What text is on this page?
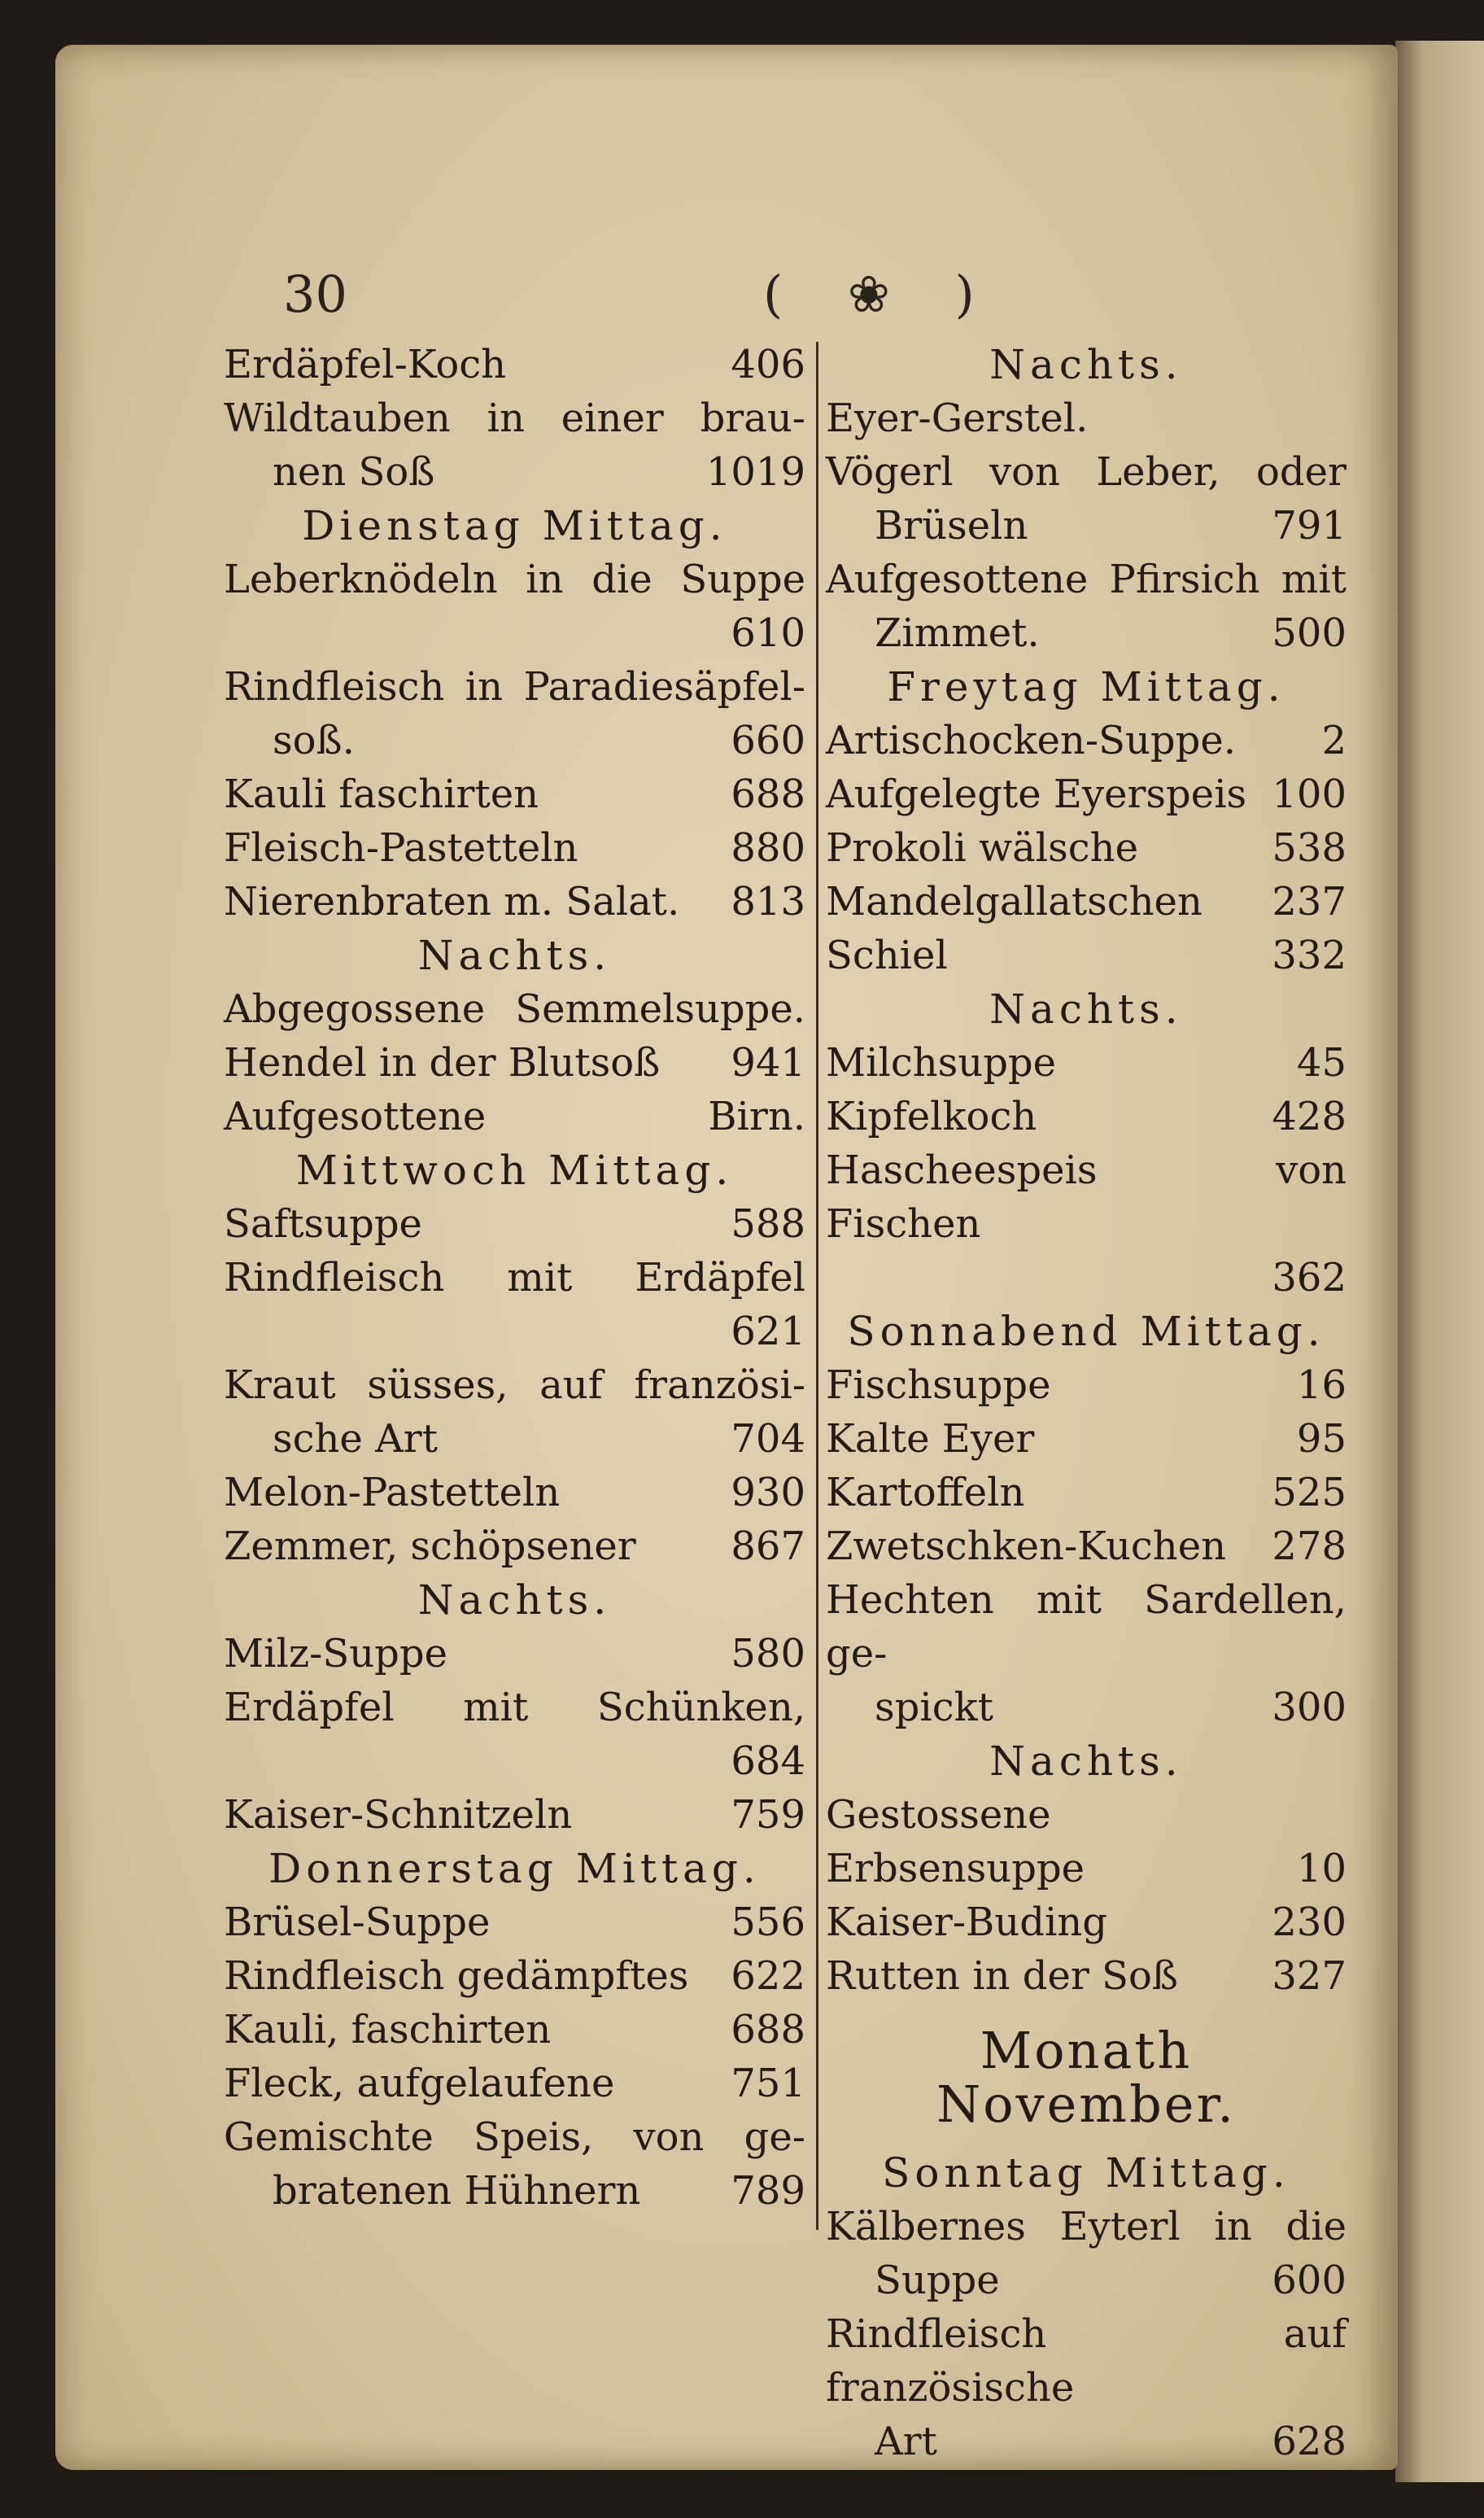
30	( ❀ )
Erdäpfel-Koch	406
Wildtauben in einer brau-
nen Soß	1019
Dienstag Mittag.
Leberknödeln in die Suppe
610
Rindfleisch in Paradiesäpfel-
soß.	660
Kauli faschirten	688
Fleisch-Pastetteln	880
Nierenbraten m. Salat.	813
Nachts.
Abgegossene Semmelsuppe.
Hendel in der Blutsoß	941
Aufgesottene Birn.
Mittwoch Mittag.
Saftsuppe	588
Rindfleisch mit Erdäpfel
621
Kraut süsses, auf französi-
sche Art	704
Melon-Pastetteln	930
Zemmer, schöpsener	867
Nachts.
Milz-Suppe	580
Erdäpfel mit Schünken,
684
Kaiser-Schnitzeln	759
Donnerstag Mittag.
Brüsel-Suppe	556
Rindfleisch gedämpftes	622
Kauli, faschirten	688
Fleck, aufgelaufene	751
Gemischte Speis, von ge-
bratenen Hühnern	789
Nachts.
Eyer-Gerstel.
Vögerl von Leber, oder
Brüseln	791
Aufgesottene Pfirsich mit
Zimmet.	500
Freytag Mittag.
Artischocken-Suppe.	2
Aufgelegte Eyerspeis 100
Prokoli wälsche	538
Mandelgallatschen	237
Schiel	332
Nachts.
Milchsuppe	45
Kipfelkoch	428
Hascheespeis von Fischen
362
Sonnabend Mittag.
Fischsuppe	16
Kalte Eyer	95
Kartoffeln	525
Zwetschken-Kuchen	278
Hechten mit Sardellen, ge-
spickt	300
Nachts.
Gestossene Erbsensuppe	10
Kaiser-Buding	230
Rutten in der Soß	327
Monath November.
Sonntag Mittag.
Kälbernes Eyterl in die
Suppe	600
Rindfleisch auf französische
Art	628
